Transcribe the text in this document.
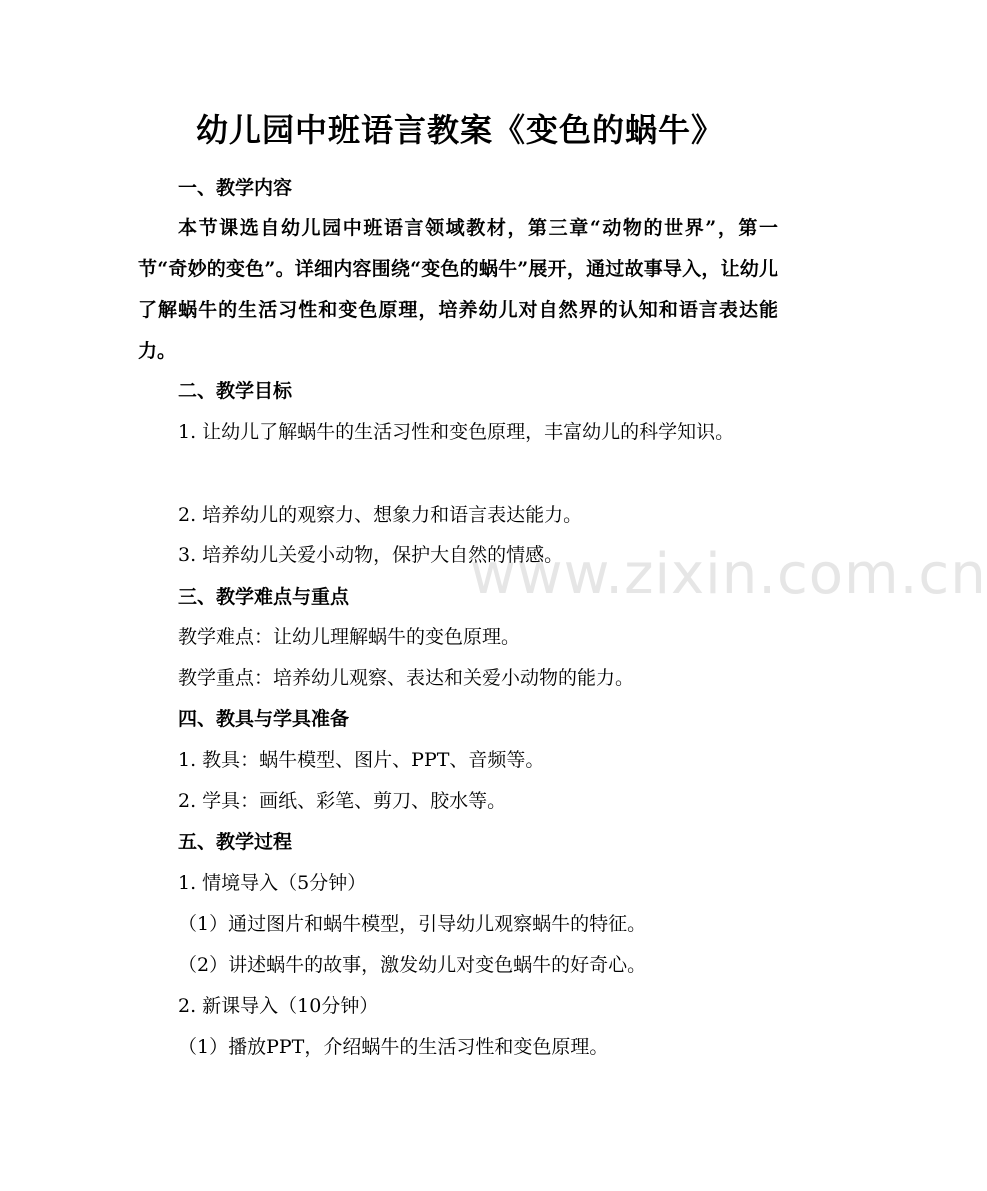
www.zixin.com.cn
幼儿园中班语言教案《变色的蜗牛》
一、教学内容
本节课选自幼儿园中班语言领域教材，第三章“动物的世界”，第一节“奇妙的变色”。详细内容围绕“变色的蜗牛”展开，通过故事导入，让幼儿了解蜗牛的生活习性和变色原理，培养幼儿对自然界的认知和语言表达能力。
二、教学目标
1. 让幼儿了解蜗牛的生活习性和变色原理，丰富幼儿的科学知识。
2. 培养幼儿的观察力、想象力和语言表达能力。
3. 培养幼儿关爱小动物，保护大自然的情感。
三、教学难点与重点
教学难点：让幼儿理解蜗牛的变色原理。
教学重点：培养幼儿观察、表达和关爱小动物的能力。
四、教具与学具准备
1. 教具：蜗牛模型、图片、PPT、音频等。
2. 学具：画纸、彩笔、剪刀、胶水等。
五、教学过程
1. 情境导入（5分钟）
（1）通过图片和蜗牛模型，引导幼儿观察蜗牛的特征。
（2）讲述蜗牛的故事，激发幼儿对变色蜗牛的好奇心。
2. 新课导入（10分钟）
（1）播放PPT，介绍蜗牛的生活习性和变色原理。
